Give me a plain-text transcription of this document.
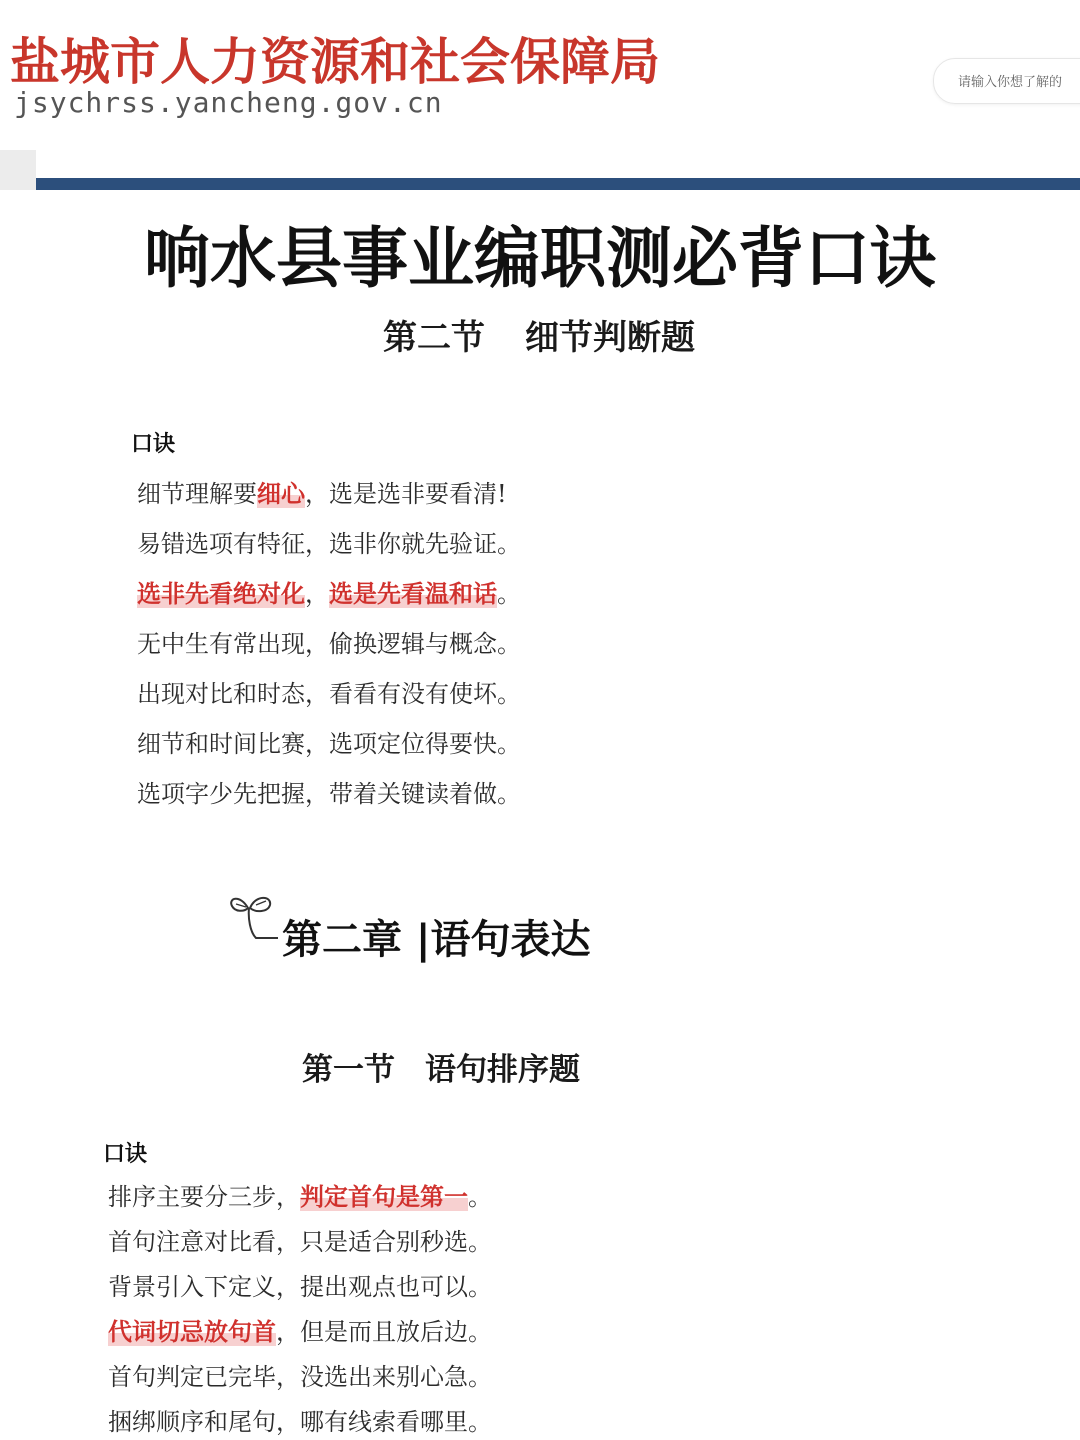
盐城市人力资源和社会保障局
jsychrss.yancheng.gov.cn
请输入你想了解的
响水县事业编职测必背口诀
第二节 细节判断题
口诀
细节理解要细心，选是选非要看清!
易错选项有特征，选非你就先验证。
选非先看绝对化，选是先看温和话。
无中生有常出现，偷换逻辑与概念。
出现对比和时态，看看有没有使坏。
细节和时间比赛，选项定位得要快。
选项字少先把握，带着关键读着做。
第二章 |语句表达
第一节 语句排序题
口诀
排序主要分三步，判定首句是第一。
首句注意对比看，只是适合别秒选。
背景引入下定义，提出观点也可以。
代词切忌放句首，但是而且放后边。
首句判定已完毕，没选出来别心急。
捆绑顺序和尾句，哪有线索看哪里。
